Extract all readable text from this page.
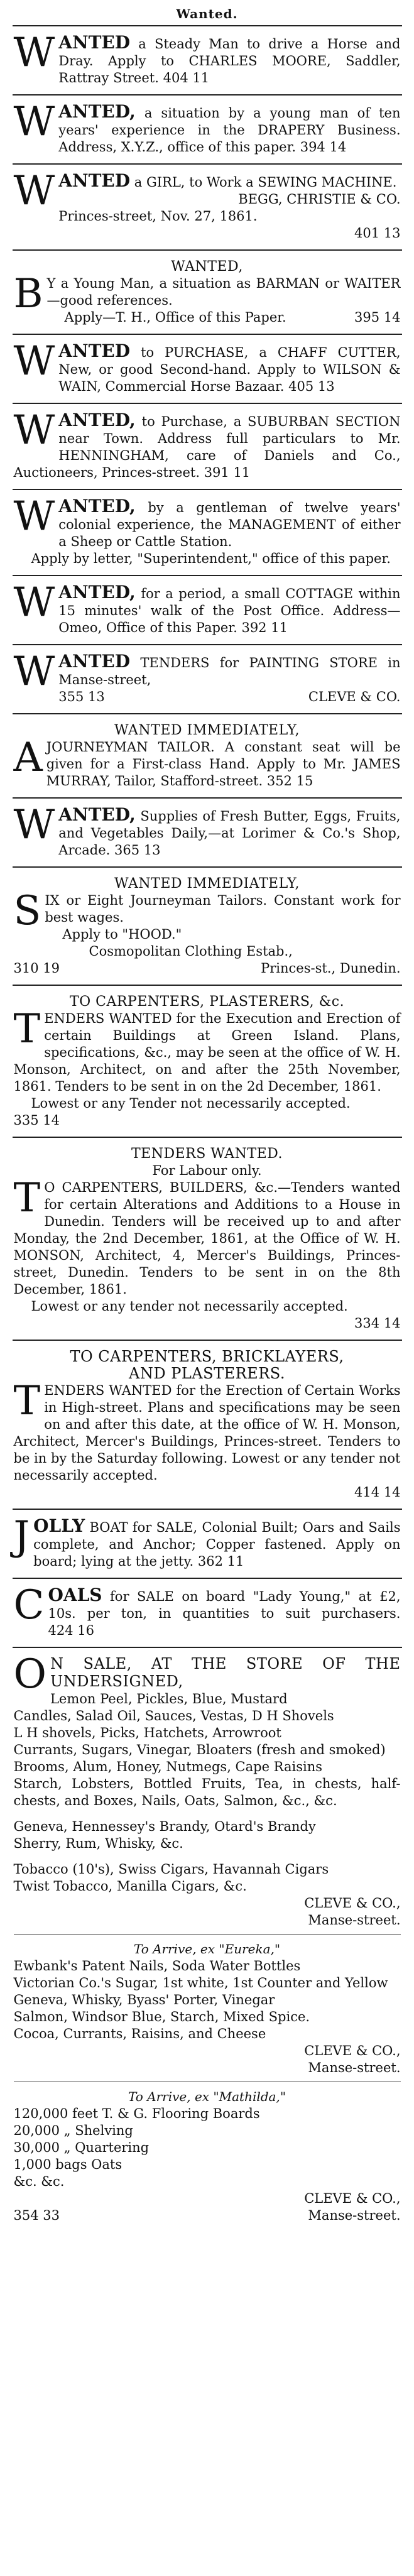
Wanted.

WANTED a Steady Man to drive a Horse and Dray. Apply to CHARLES MOORE, Saddler, Rattray Street. 404 11

WANTED, a situation by a young man of ten years' experience in the DRAPERY Business. Address, X.Y.Z., office of this paper. 394 14

WANTED a GIRL, to Work a SEWING MACHINE.

BEGG, CHRISTIE & CO.
Princes-street, Nov. 27, 1861.
401 13
WANTED,

B Y a Young Man, a situation as BARMAN or WAITER—good references.

Apply—T. H., Office of this Paper.	395 14

WANTED to PURCHASE, a CHAFF CUTTER, New, or good Second-hand. Apply to WILSON & WAIN, Commercial Horse Bazaar. 405 13

WANTED, to Purchase, a SUBURBAN SECTION near Town. Address full particulars to Mr. HENNINGHAM, care of Daniels and Co., Auctioneers, Princes-street. 391 11

WANTED, by a gentleman of twelve years' colonial experience, the MANAGEMENT of either a Sheep or Cattle Station.

Apply by letter, "Superintendent," office of this paper.

WANTED, for a period, a small COTTAGE within 15 minutes' walk of the Post Office. Address—Omeo, Office of this Paper. 392 11

WANTED TENDERS for PAINTING STORE in Manse-street,

355 13	CLEVE & CO.
WANTED IMMEDIATELY,

AJOURNEYMAN TAILOR. A constant seat will be given for a First-class Hand. Apply to Mr. JAMES MURRAY, Tailor, Stafford-street. 352 15

WANTED, Supplies of Fresh Butter, Eggs, Fruits, and Vegetables Daily,—at Lorimer & Co.'s Shop, Arcade. 365 13

WANTED IMMEDIATELY,

SIX or Eight Journeyman Tailors. Constant work for best wages.

Apply to "HOOD."
Cosmopolitan Clothing Estab.,
310 19	Princes-st., Dunedin.
TO CARPENTERS, PLASTERERS, &c.

TENDERS WANTED for the Execution and Erection of certain Buildings at Green Island. Plans, specifications, &c., may be seen at the office of W. H. Monson, Architect, on and after the 25th November, 1861. Tenders to be sent in on the 2d December, 1861.

Lowest or any Tender not necessarily accepted.

335 14

TENDERS WANTED.
For Labour only.

T O CARPENTERS, BUILDERS, &c.—Tenders wanted for certain Alterations and Additions to a House in Dunedin. Tenders will be received up to and after Monday, the 2nd December, 1861, at the Office of W. H. MONSON, Architect, 4, Mercer's Buildings, Princes-street, Dunedin. Tenders to be sent in on the 8th December, 1861.

Lowest or any tender not necessarily accepted.

334 14

TO CARPENTERS, BRICKLAYERS,
AND PLASTERERS.

TENDERS WANTED for the Erection of Certain Works in High-street. Plans and specifications may be seen on and after this date, at the office of W. H. Monson, Architect, Mercer's Buildings, Princes-street. Tenders to be in by the Saturday following. Lowest or any tender not necessarily accepted.

414 14

JOLLY BOAT for SALE, Colonial Built; Oars and Sails complete, and Anchor; Copper fastened. Apply on board; lying at the jetty. 362 11

COALS for SALE on board "Lady Young," at £2, 10s. per ton, in quantities to suit purchasers. 424 16

O N SALE, AT THE STORE OF THE UNDERSIGNED,

Lemon Peel, Pickles, Blue, Mustard
Candles, Salad Oil, Sauces, Vestas, D H Shovels
L H shovels, Picks, Hatchets, Arrowroot
Currants, Sugars, Vinegar, Bloaters (fresh and smoked)
Brooms, Alum, Honey, Nutmegs, Cape Raisins
Starch, Lobsters, Bottled Fruits, Tea, in chests, half-chests, and Boxes, Nails, Oats, Salmon, &c., &c.
Geneva, Hennessey's Brandy, Otard's Brandy
Sherry, Rum, Whisky, &c.
Tobacco (10's), Swiss Cigars, Havannah Cigars
Twist Tobacco, Manilla Cigars, &c.
CLEVE & CO.,
Manse-street.
To Arrive, ex "Eureka,"
Ewbank's Patent Nails, Soda Water Bottles
Victorian Co.'s Sugar, 1st white, 1st Counter and Yellow
Geneva, Whisky, Byass' Porter, Vinegar
Salmon, Windsor Blue, Starch, Mixed Spice.
Cocoa, Currants, Raisins, and Cheese
CLEVE & CO.,
Manse-street.
To Arrive, ex "Mathilda,"
120,000 feet T. & G. Flooring Boards
20,000 „ Shelving
30,000 „ Quartering
1,000 bags Oats
&c. &c.
CLEVE & CO.,
354 33	Manse-street.
